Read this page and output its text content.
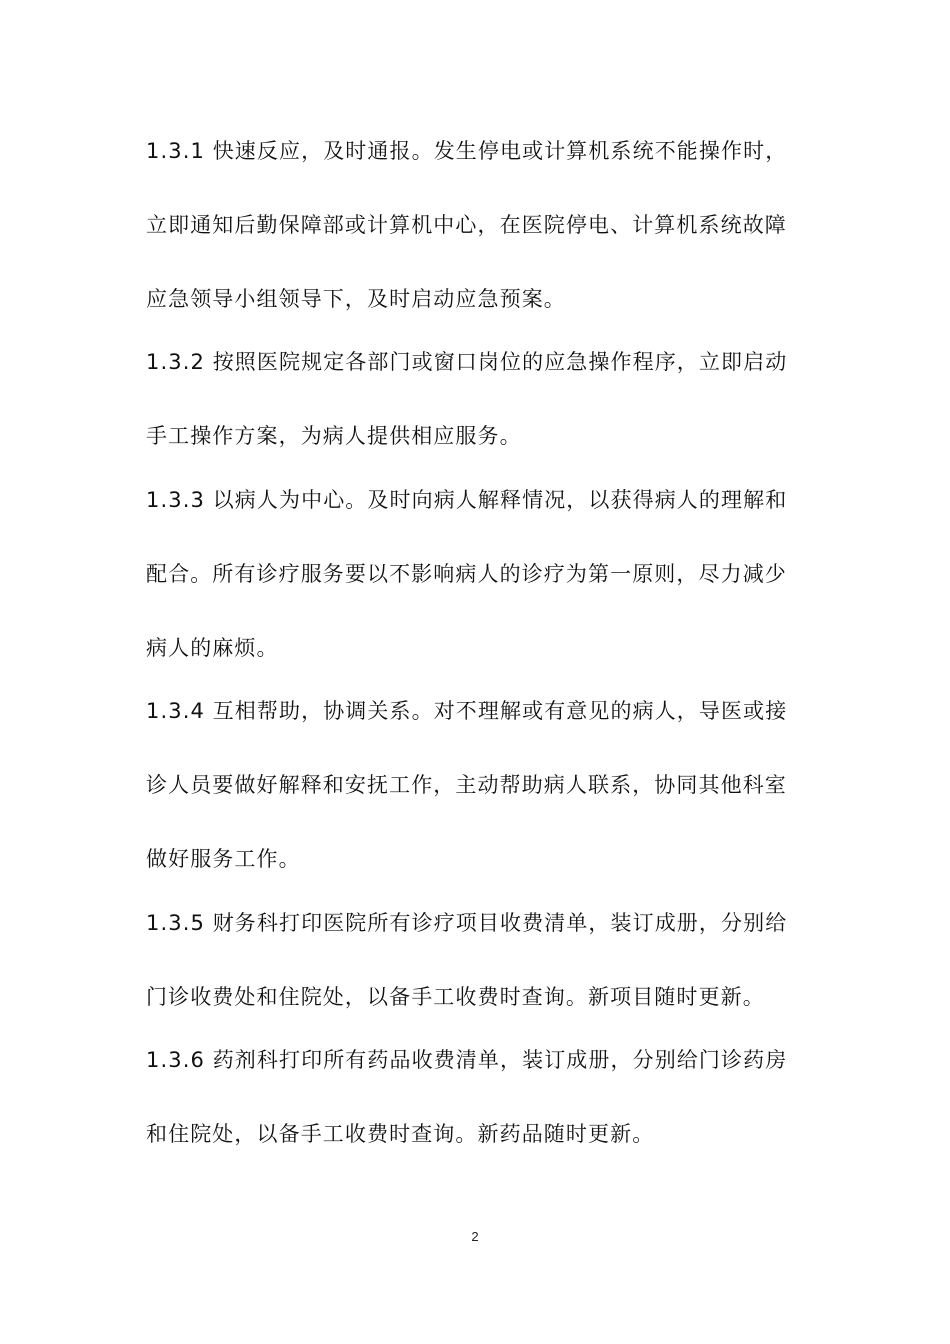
1.3.1 快速反应，及时通报。发生停电或计算机系统不能操作时，
立即通知后勤保障部或计算机中心，在医院停电、计算机系统故障
应急领导小组领导下，及时启动应急预案。
1.3.2 按照医院规定各部门或窗口岗位的应急操作程序，立即启动
手工操作方案，为病人提供相应服务。
1.3.3 以病人为中心。及时向病人解释情况，以获得病人的理解和
配合。所有诊疗服务要以不影响病人的诊疗为第一原则，尽力减少
病人的麻烦。
1.3.4 互相帮助，协调关系。对不理解或有意见的病人，导医或接
诊人员要做好解释和安抚工作，主动帮助病人联系，协同其他科室
做好服务工作。
1.3.5 财务科打印医院所有诊疗项目收费清单，装订成册，分别给
门诊收费处和住院处，以备手工收费时查询。新项目随时更新。
1.3.6 药剂科打印所有药品收费清单，装订成册，分别给门诊药房
和住院处，以备手工收费时查询。新药品随时更新。
2
